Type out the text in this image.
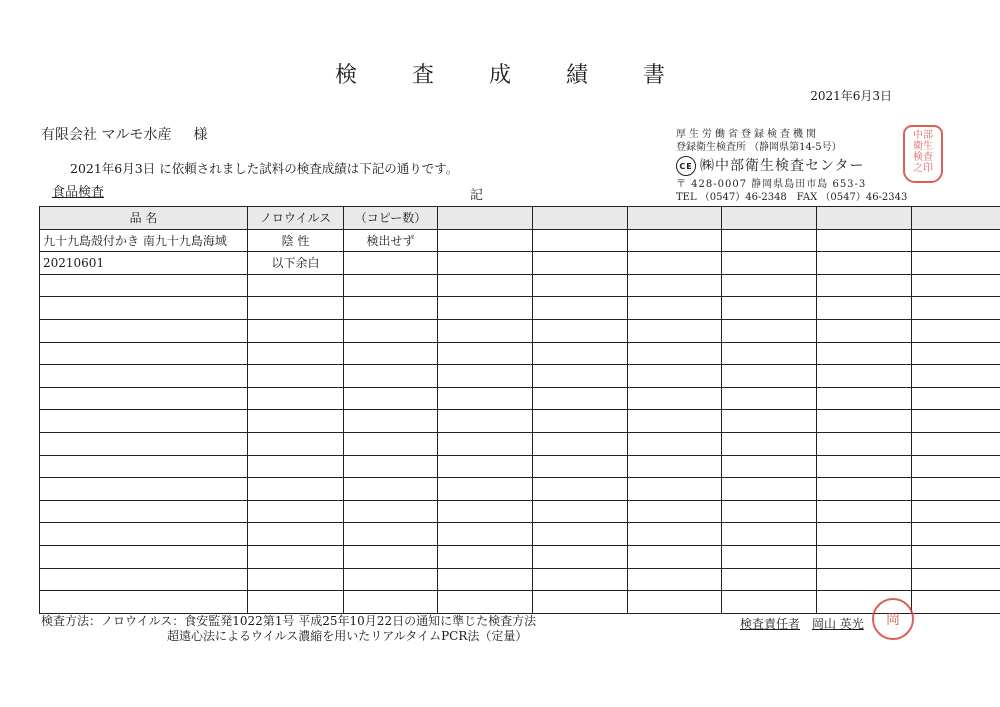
検 査 成 績 書
2021年6月3日
有限会社 マルモ水産 様
2021年6月3日 に依頼されました試料の検査成績は下記の通りです。
食品検査	記
厚生労働省登録検査機関
登録衛生検査所 （静岡県第14-5号）
CE ㈱中部衛生検査センター
〒 428-0007 静岡県島田市島 653-3
TEL （0547）46-2348　FAX （0547）46-2343
中部
衛生
検査
之印
品 名	ノロウイルス	（コピー数）						
九十九島殻付かき 南九十九島海域	陰 性	検出せず						
20210601	以下余白							

検査方法：ノロウイルス：食安監発1022第1号 平成25年10月22日の通知に準じた検査方法
超遠心法によるウイルス濃縮を用いたリアルタイムPCR法（定量）
検査責任者 岡山 英光	岡
